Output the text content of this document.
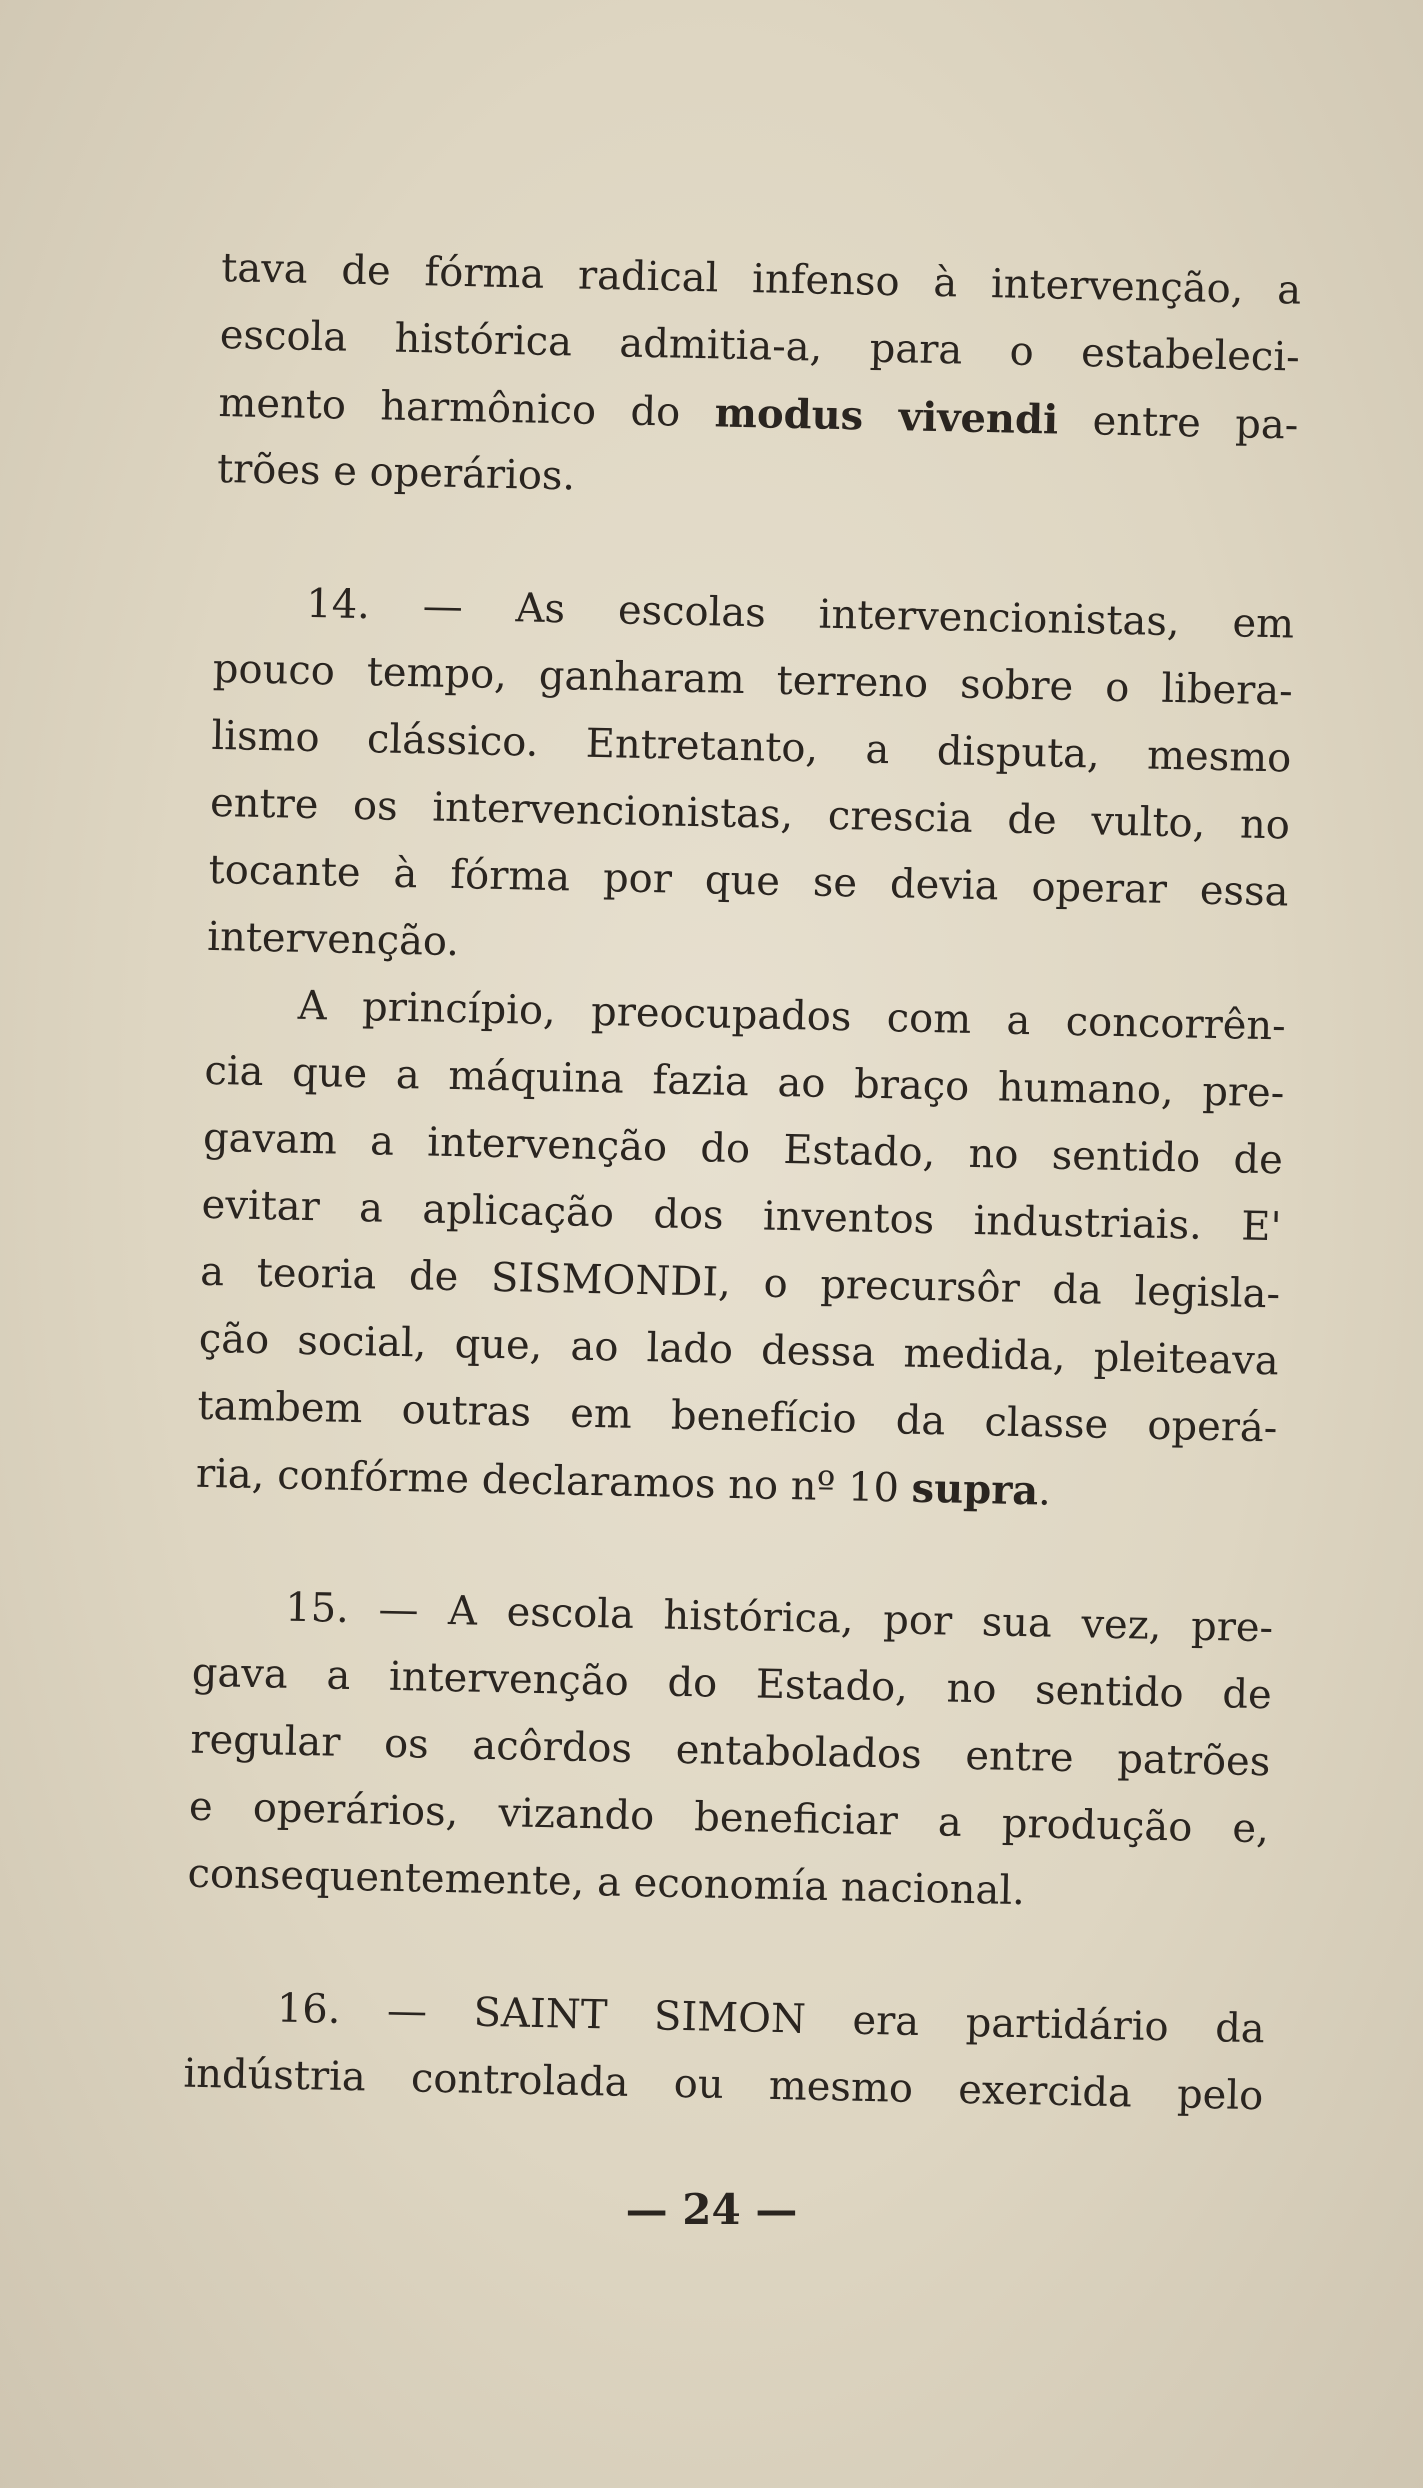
tava de fórma radical infenso à intervenção, a
escola histórica admitia-a, para o estabeleci-
mento harmônico do modus vivendi entre pa-
trões e operários.
14. — As escolas intervencionistas, em
pouco tempo, ganharam terreno sobre o libera-
lismo clássico. Entretanto, a disputa, mesmo
entre os intervencionistas, crescia de vulto, no
tocante à fórma por que se devia operar essa
intervenção.
A princípio, preocupados com a concorrên-
cia que a máquina fazia ao braço humano, pre-
gavam a intervenção do Estado, no sentido de
evitar a aplicação dos inventos industriais. E'
a teoria de SISMONDI, o precursôr da legisla-
ção social, que, ao lado dessa medida, pleiteava
tambem outras em benefício da classe operá-
ria, confórme declaramos no nº 10 supra.
15. — A escola histórica, por sua vez, pre-
gava a intervenção do Estado, no sentido de
regular os acôrdos entabolados entre patrões
e operários, vizando beneficiar a produção e,
consequentemente, a economía nacional.
16. — SAINT SIMON era partidário da
indústria controlada ou mesmo exercida pelo
— 24 —
